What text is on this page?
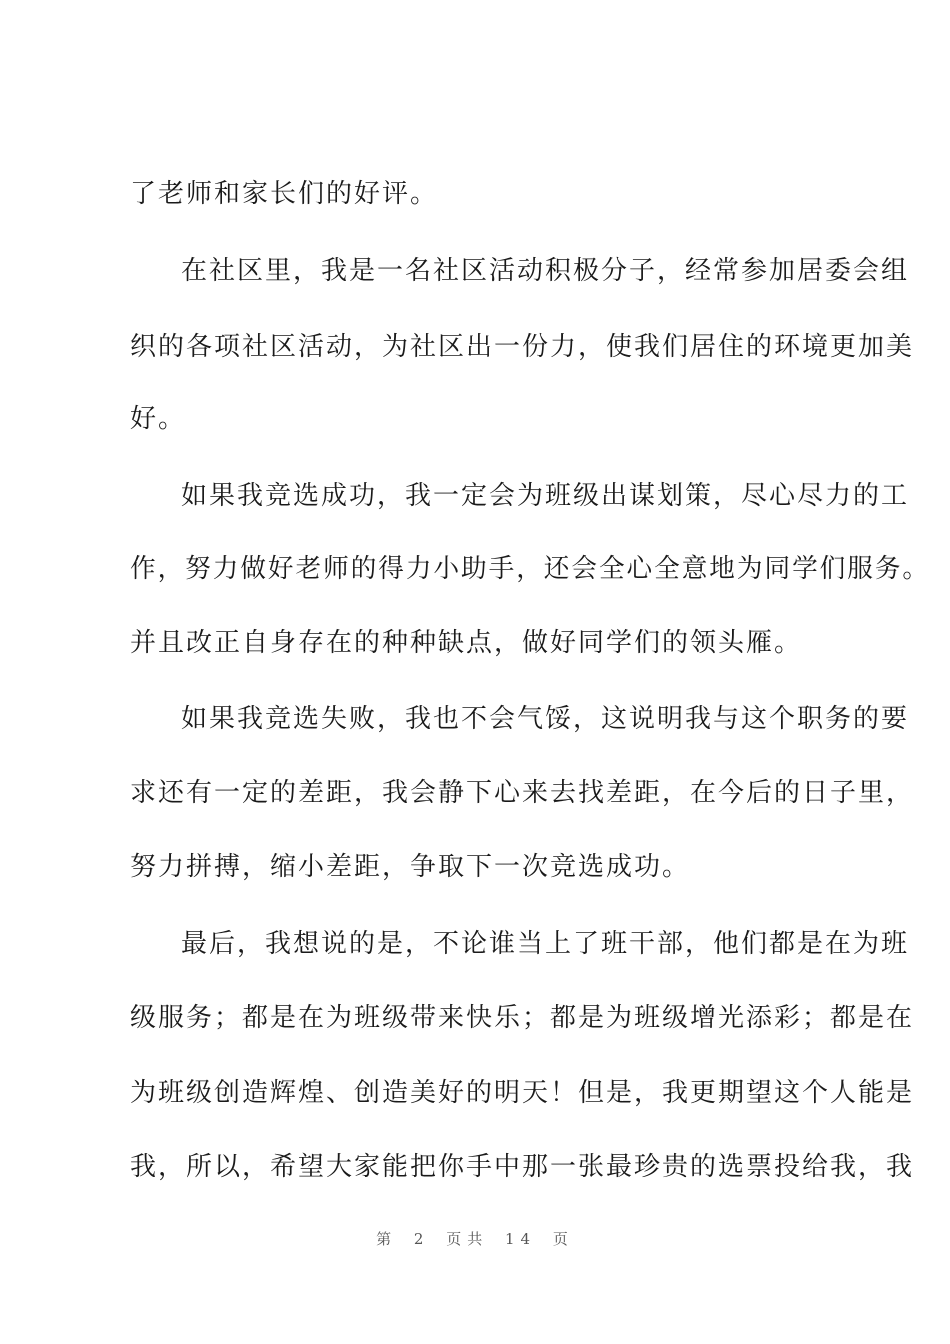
了老师和家长们的好评。
在社区里，我是一名社区活动积极分子，经常参加居委会组
织的各项社区活动，为社区出一份力，使我们居住的环境更加美
好。
如果我竞选成功，我一定会为班级出谋划策，尽心尽力的工
作，努力做好老师的得力小助手，还会全心全意地为同学们服务。
并且改正自身存在的种种缺点，做好同学们的领头雁。
如果我竞选失败，我也不会气馁，这说明我与这个职务的要
求还有一定的差距，我会静下心来去找差距，在今后的日子里，
努力拼搏，缩小差距，争取下一次竞选成功。
最后，我想说的是，不论谁当上了班干部，他们都是在为班
级服务；都是在为班级带来快乐；都是为班级增光添彩；都是在
为班级创造辉煌、创造美好的明天！但是，我更期望这个人能是
我，所以，希望大家能把你手中那一张最珍贵的选票投给我，我
第 2 页共 14 页
